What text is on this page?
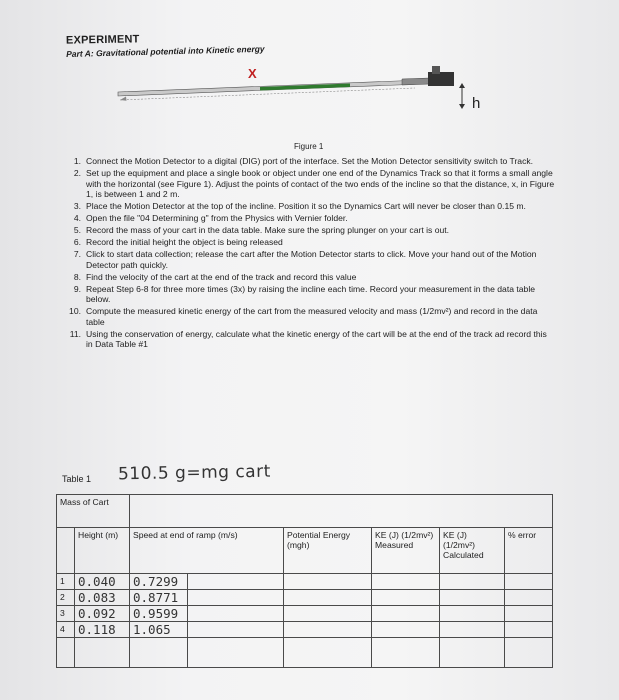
EXPERIMENT
Part A: Gravitational potential into Kinetic energy
X
h
Figure 1
1. Connect the Motion Detector to a digital (DIG) port of the interface. Set the Motion Detector sensitivity switch to Track.
2. Set up the equipment and place a single book or object under one end of the Dynamics Track so that it forms a small angle with the horizontal (see Figure 1). Adjust the points of contact of the two ends of the incline so that the distance, x, in Figure 1, is between 1 and 2 m.
3. Place the Motion Detector at the top of the incline. Position it so the Dynamics Cart will never be closer than 0.15 m.
4. Open the file "04 Determining g" from the Physics with Vernier folder.
5. Record the mass of your cart in the data table. Make sure the spring plunger on your cart is out.
6. Record the initial height the object is being released
7. Click to start data collection; release the cart after the Motion Detector starts to click. Move your hand out of the Motion Detector path quickly.
8. Find the velocity of the cart at the end of the track and record this value
9. Repeat Step 6-8 for three more times (3x) by raising the incline each time. Record your measurement in the data table below.
10. Compute the measured kinetic energy of the cart from the measured velocity and mass (1/2mv²) and record in the data table
11. Using the conservation of energy, calculate what the kinetic energy of the cart will be at the end of the track ad record this in Data Table #1
Table 1 510.5 g=mg cart
Mass of Cart							
	Height (m)	Speed at end of ramp (m/s)		Potential Energy (mgh)	KE (J) (1/2mv²) Measured	KE (J) (1/2mv²) Calculated	% error
1	0.040	0.7299					
2	0.083	0.8771					
3	0.092	0.9599					
4	0.118	1.065					
